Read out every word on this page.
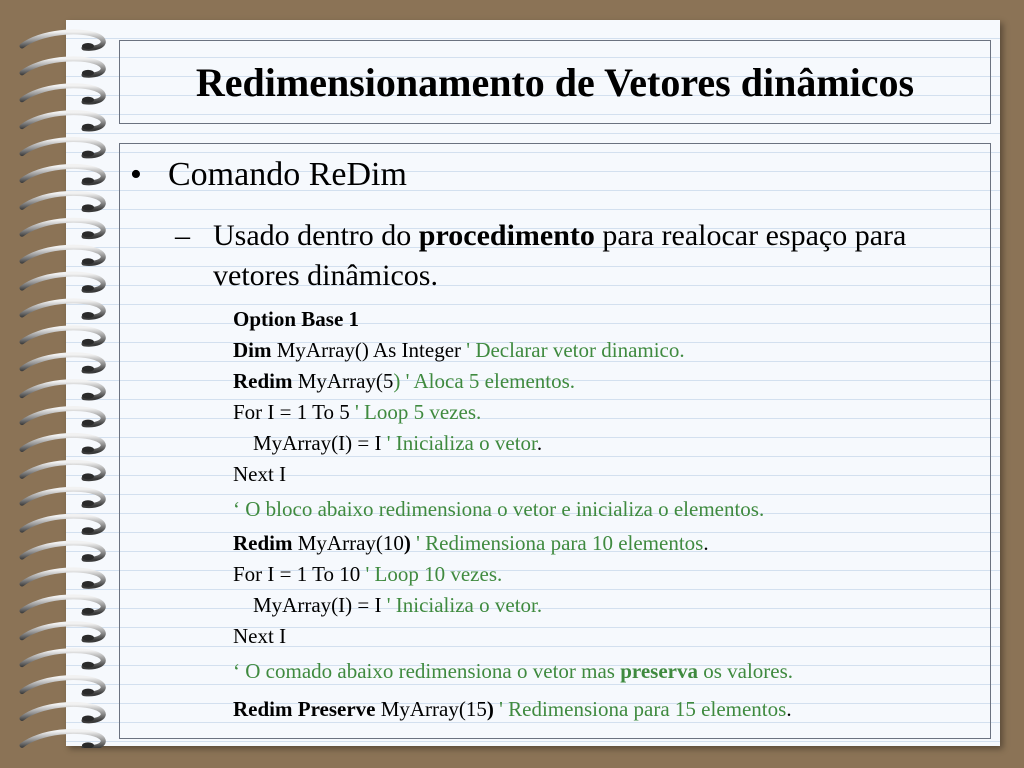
Redimensionamento de Vetores dinâmicos
• Comando ReDim
– Usado dentro do procedimento para realocar espaço para vetores dinâmicos.
Option Base 1
Dim MyArray() As Integer ' Declarar vetor dinamico.
Redim MyArray(5) ' Aloca 5 elementos.
For I = 1 To 5 ' Loop 5 vezes.
MyArray(I) = I ' Inicializa o vetor.
Next I
‘ O bloco abaixo redimensiona o vetor e inicializa o elementos.
Redim MyArray(10) ' Redimensiona para 10 elementos.
For I = 1 To 10 ' Loop 10 vezes.
MyArray(I) = I ' Inicializa o vetor.
Next I
‘ O comado abaixo redimensiona o vetor mas preserva os valores.
Redim Preserve MyArray(15) ' Redimensiona para 15 elementos.
